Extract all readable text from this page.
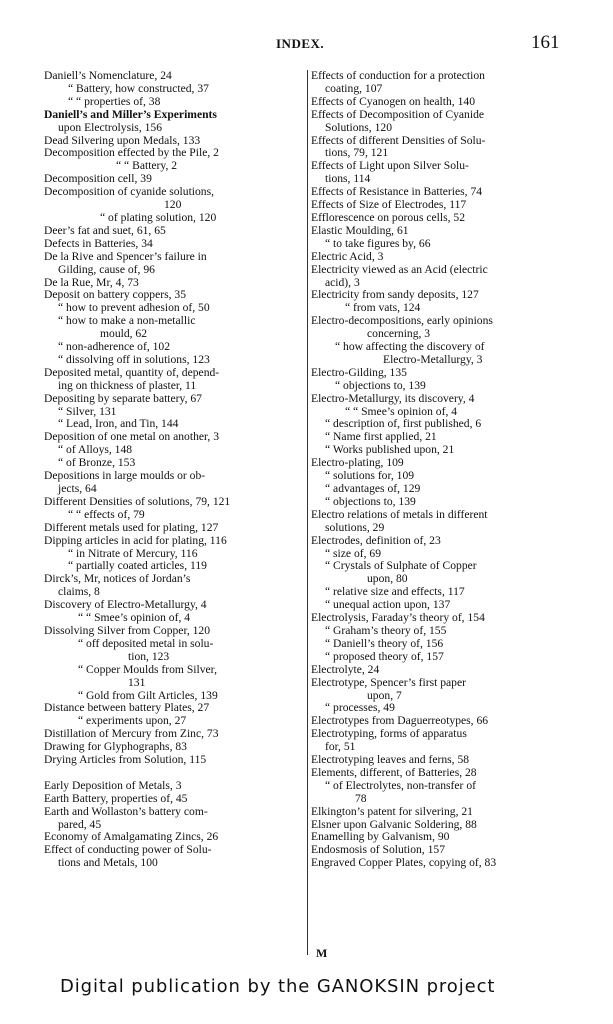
INDEX.	161
Daniell’s Nomenclature, 24
“ Battery, how constructed, 37
“ “ properties of, 38
Daniell’s and Miller’s Experiments
upon Electrolysis, 156
Dead Silvering upon Medals, 133
Decomposition effected by the Pile, 2
“ “ Battery, 2
Decomposition cell, 39
Decomposition of cyanide solutions,
120
“ of plating solution, 120
Deer’s fat and suet, 61, 65
Defects in Batteries, 34
De la Rive and Spencer’s failure in
Gilding, cause of, 96
De la Rue, Mr, 4, 73
Deposit on battery coppers, 35
“ how to prevent adhesion of, 50
“ how to make a non-metallic
mould, 62
“ non-adherence of, 102
“ dissolving off in solutions, 123
Deposited metal, quantity of, depend-
ing on thickness of plaster, 11
Depositing by separate battery, 67
“ Silver, 131
“ Lead, Iron, and Tin, 144
Deposition of one metal on another, 3
“ of Alloys, 148
“ of Bronze, 153
Depositions in large moulds or ob-
jects, 64
Different Densities of solutions, 79, 121
“ “ effects of, 79
Different metals used for plating, 127
Dipping articles in acid for plating, 116
“ in Nitrate of Mercury, 116
“ partially coated articles, 119
Dirck’s, Mr, notices of Jordan’s
claims, 8
Discovery of Electro-Metallurgy, 4
“ “ Smee’s opinion of, 4
Dissolving Silver from Copper, 120
“ off deposited metal in solu-
tion, 123
“ Copper Moulds from Silver,
131
“ Gold from Gilt Articles, 139
Distance between battery Plates, 27
“ experiments upon, 27
Distillation of Mercury from Zinc, 73
Drawing for Glyphographs, 83
Drying Articles from Solution, 115
Early Deposition of Metals, 3
Earth Battery, properties of, 45
Earth and Wollaston’s battery com-
pared, 45
Economy of Amalgamating Zincs, 26
Effect of conducting power of Solu-
tions and Metals, 100
Effects of conduction for a protection
coating, 107
Effects of Cyanogen on health, 140
Effects of Decomposition of Cyanide
Solutions, 120
Effects of different Densities of Solu-
tions, 79, 121
Effects of Light upon Silver Solu-
tions, 114
Effects of Resistance in Batteries, 74
Effects of Size of Electrodes, 117
Efflorescence on porous cells, 52
Elastic Moulding, 61
“ to take figures by, 66
Electric Acid, 3
Electricity viewed as an Acid (electric
acid), 3
Electricity from sandy deposits, 127
“ from vats, 124
Electro-decompositions, early opinions
concerning, 3
“ how affecting the discovery of
Electro-Metallurgy, 3
Electro-Gilding, 135
“ objections to, 139
Electro-Metallurgy, its discovery, 4
“ “ Smee’s opinion of, 4
“ description of, first published, 6
“ Name first applied, 21
“ Works published upon, 21
Electro-plating, 109
“ solutions for, 109
“ advantages of, 129
“ objections to, 139
Electro relations of metals in different
solutions, 29
Electrodes, definition of, 23
“ size of, 69
“ Crystals of Sulphate of Copper
upon, 80
“ relative size and effects, 117
“ unequal action upon, 137
Electrolysis, Faraday’s theory of, 154
“ Graham’s theory of, 155
“ Daniell’s theory of, 156
“ proposed theory of, 157
Electrolyte, 24
Electrotype, Spencer’s first paper
upon, 7
“ processes, 49
Electrotypes from Daguerreotypes, 66
Electrotyping, forms of apparatus
for, 51
Electrotyping leaves and ferns, 58
Elements, different, of Batteries, 28
“ of Electrolytes, non-transfer of
78
Elkington’s patent for silvering, 21
Elsner upon Galvanic Soldering, 88
Enamelling by Galvanism, 90
Endosmosis of Solution, 157
Engraved Copper Plates, copying of, 83
M
Digital publication by the GANOKSIN project
